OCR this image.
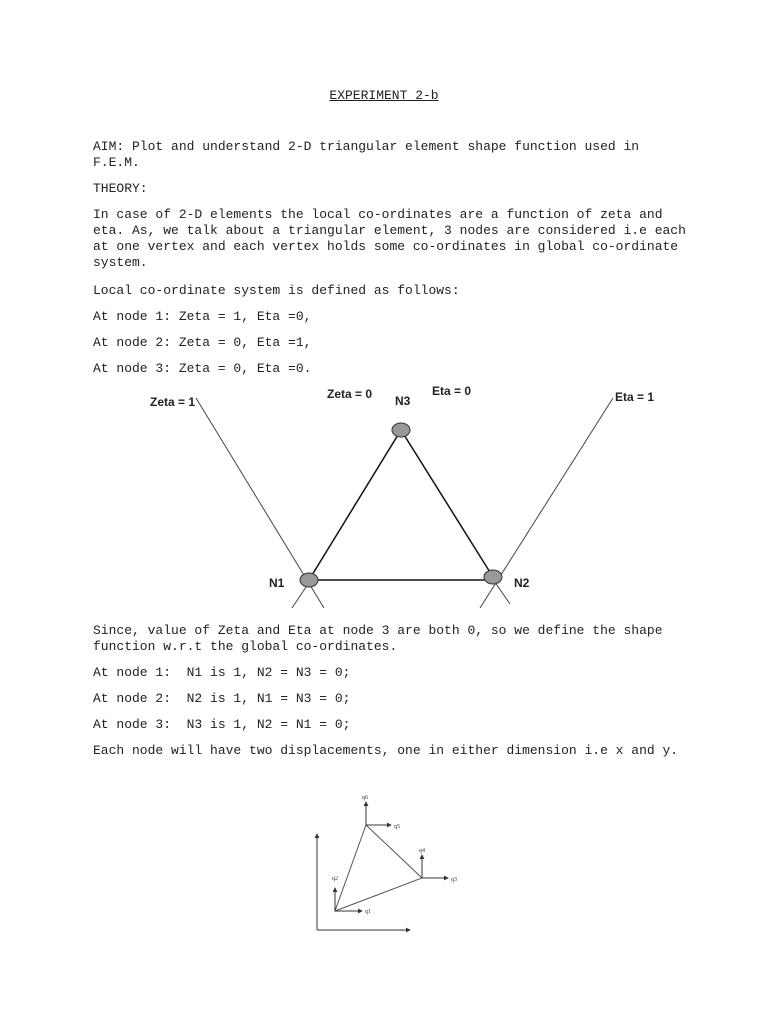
EXPERIMENT 2-b

AIM: Plot and understand 2-D triangular element shape function used in F.E.M.

THEORY:

In case of 2-D elements the local co-ordinates are a function of zeta and eta. As, we talk about a triangular element, 3 nodes are considered i.e each at one vertex and each vertex holds some co-ordinates in global co-ordinate system.

Local co-ordinate system is defined as follows:

At node 1: Zeta = 1, Eta =0,

At node 2: Zeta = 0, Eta =1,

At node 3: Zeta = 0, Eta =0.

Zeta = 1
Zeta = 0 N3
Eta = 0	Eta = 1
N1	N2

Since, value of Zeta and Eta at node 3 are both 0, so we define the shape function w.r.t the global co-ordinates.

At node 1:  N1 is 1, N2 = N3 = 0;

At node 2:  N2 is 1, N1 = N3 = 0;

At node 3:  N3 is 1, N2 = N1 = 0;

Each node will have two displacements, one in either dimension i.e x and y.

q1
q2	q3
q4
q5
q6
